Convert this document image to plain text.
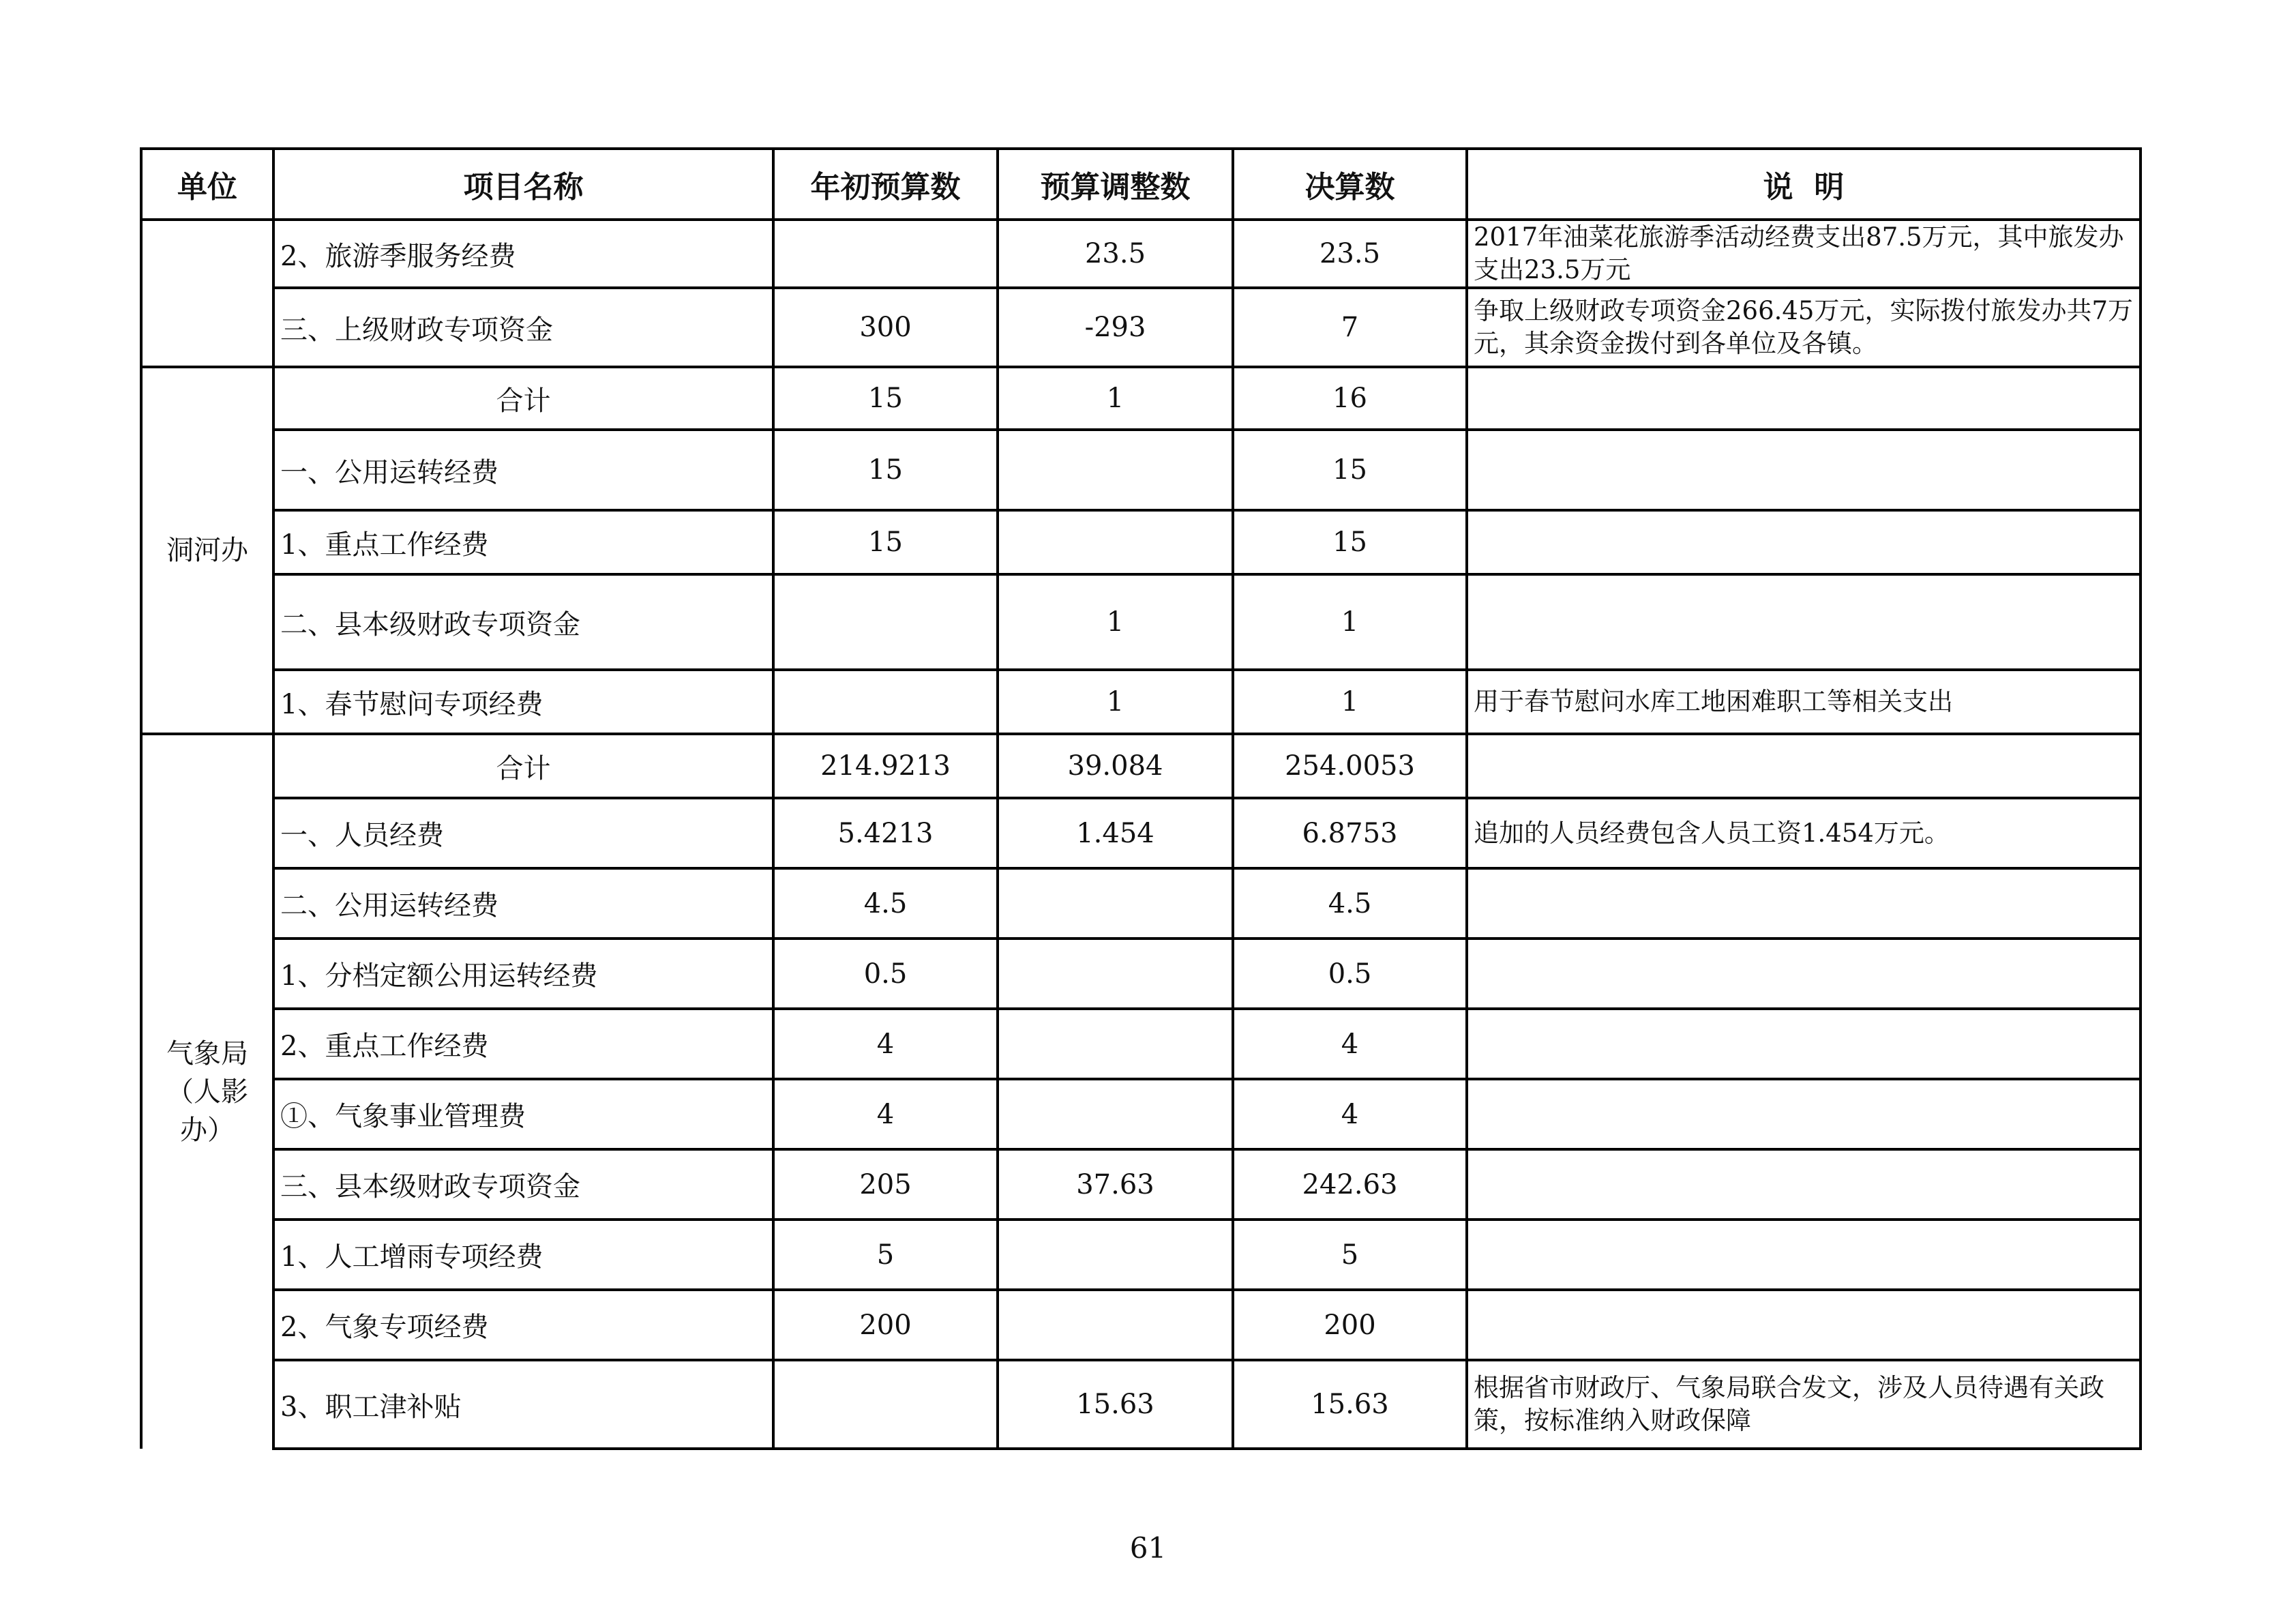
单位	项目名称	年初预算数	预算调整数	决算数	说  明
	2、旅游季服务经费		23.5	23.5	2017年油菜花旅游季活动经费支出87.5万元，其中旅发办支出23.5万元
	三、上级财政专项资金	300	-293	7	争取上级财政专项资金266.45万元，实际拨付旅发办共7万元，其余资金拨付到各单位及各镇。
洞河办	合计	15	1	16	
	一、公用运转经费	15		15	
	1、重点工作经费	15		15	
	二、县本级财政专项资金		1	1	
	1、春节慰问专项经费		1	1	用于春节慰问水库工地困难职工等相关支出
气象局（人影办）	合计	214.9213	39.084	254.0053	
	一、人员经费	5.4213	1.454	6.8753	追加的人员经费包含人员工资1.454万元。
	二、公用运转经费	4.5		4.5	
	1、分档定额公用运转经费	0.5		0.5	
	2、重点工作经费	4		4	
	①、气象事业管理费	4		4	
	三、县本级财政专项资金	205	37.63	242.63	
	1、人工增雨专项经费	5		5	
	2、气象专项经费	200		200	
	3、职工津补贴		15.63	15.63	根据省市财政厅、气象局联合发文，涉及人员待遇有关政策，按标准纳入财政保障
61
